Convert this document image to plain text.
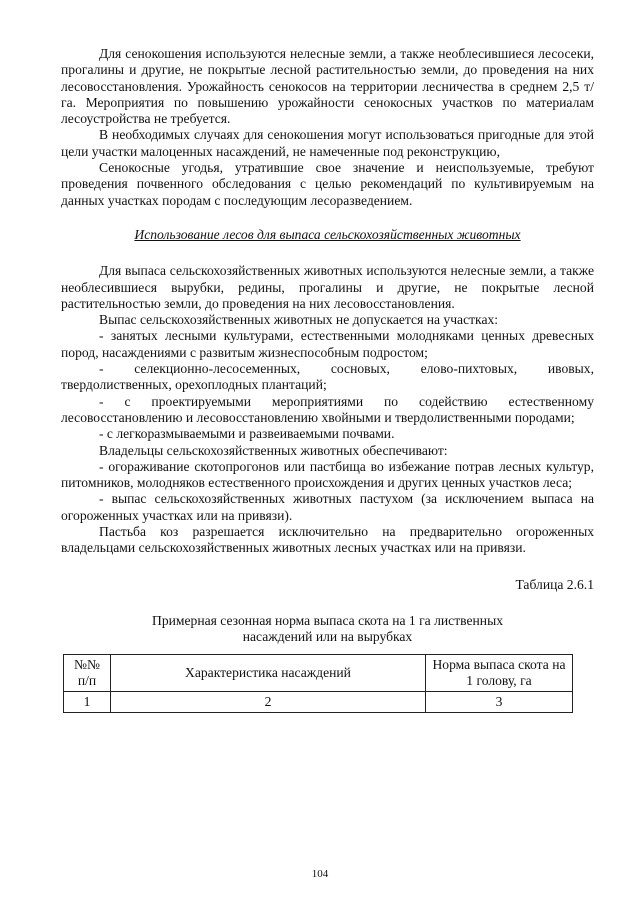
Для сенокошения используются нелесные земли, а также необлесившиеся лесосеки, прогалины и другие, не покрытые лесной растительностью земли, до проведения на них лесовосстановления. Урожайность сенокосов на территории лесничества в среднем 2,5 т/га. Мероприятия по повышению урожайности сенокосных участков по материалам лесоустройства не требуется.

В необходимых случаях для сенокошения могут использоваться пригодные для этой цели участки малоценных насаждений, не намеченные под реконструкцию,

Сенокосные угодья, утратившие свое значение и неиспользуемые, требуют проведения почвенного обследования с целью рекомендаций по культивируемым на данных участках породам с последующим лесоразведением.

Использование лесов для выпаса сельскохозяйственных животных

Для выпаса сельскохозяйственных животных используются нелесные земли, а также необлесившиеся вырубки, редины, прогалины и другие, не покрытые лесной растительностью земли, до проведения на них лесовосстановления.

Выпас сельскохозяйственных животных не допускается на участках:

- занятых лесными культурами, естественными молодняками ценных древесных пород, насаждениями с развитым жизнеспособным подростом;

- селекционно-лесосеменных, сосновых, елово-пихтовых, ивовых, твердолиственных, орехоплодных плантаций;

- с проектируемыми мероприятиями по содействию естественному лесовосстановлению и лесовосстановлению хвойными и твердолиственными породами;

- с легкоразмываемыми и развеиваемыми почвами.

Владельцы сельскохозяйственных животных обеспечивают:

- огораживание скотопрогонов или пастбища во избежание потрав лесных культур, питомников, молодняков естественного происхождения и других ценных участков леса;

- выпас сельскохозяйственных животных пастухом (за исключением выпаса на огороженных участках или на привязи).

Пастьба коз разрешается исключительно на предварительно огороженных владельцами сельскохозяйственных животных лесных участках или на привязи.

Таблица 2.6.1

Примерная сезонная норма выпаса скота на 1 га лиственных насаждений или на вырубках

№№ п/п	Характеристика насаждений	Норма выпаса скота на 1 голову, га
1	2	3
104
